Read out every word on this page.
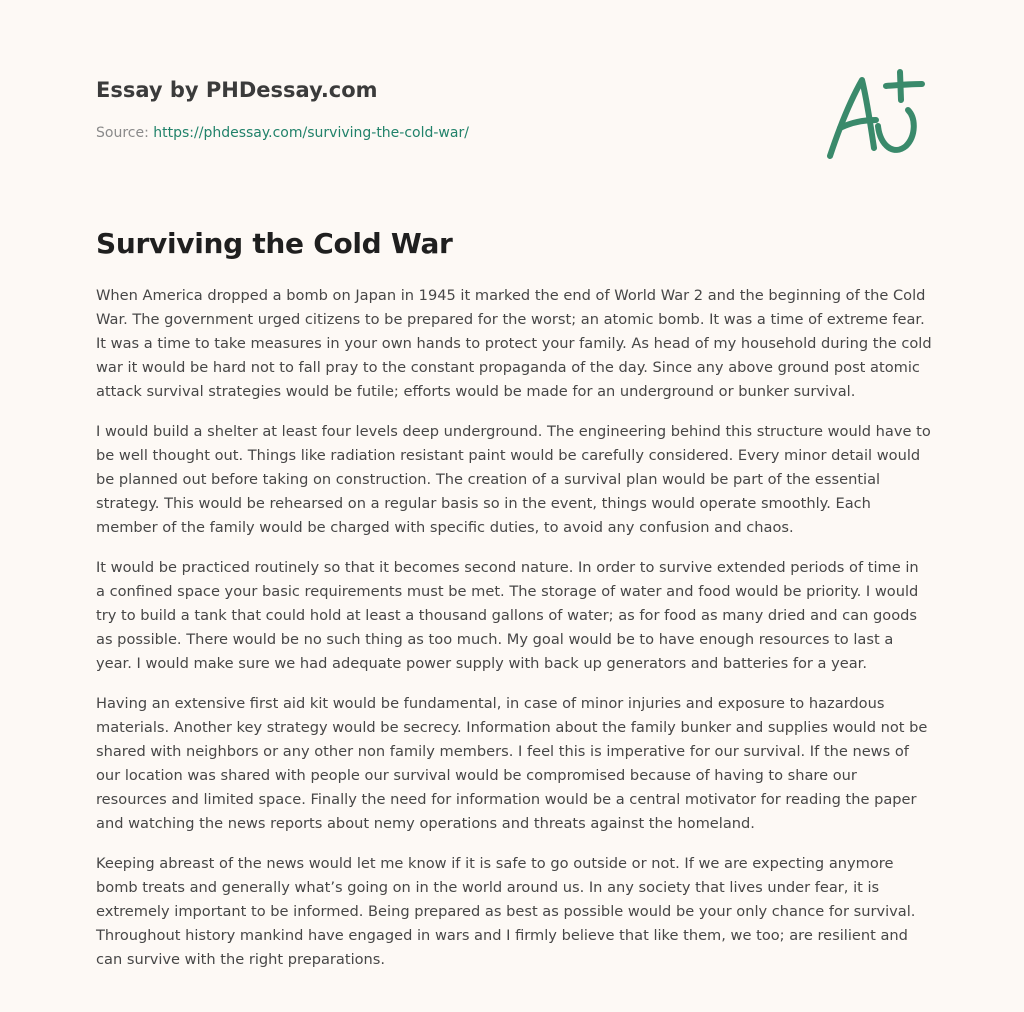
Essay by PHDessay.com
Source: https://phdessay.com/surviving-the-cold-war/
Surviving the Cold War

When America dropped a bomb on Japan in 1945 it marked the end of World War 2 and the beginning of the Cold War. The government urged citizens to be prepared for the worst; an atomic bomb. It was a time of extreme fear. It was a time to take measures in your own hands to protect your family. As head of my household during the cold war it would be hard not to fall pray to the constant propaganda of the day. Since any above ground post atomic attack survival strategies would be futile; efforts would be made for an underground or bunker survival.

I would build a shelter at least four levels deep underground. The engineering behind this structure would have to be well thought out. Things like radiation resistant paint would be carefully considered. Every minor detail would be planned out before taking on construction. The creation of a survival plan would be part of the essential strategy. This would be rehearsed on a regular basis so in the event, things would operate smoothly. Each member of the family would be charged with specific duties, to avoid any confusion and chaos.

It would be practiced routinely so that it becomes second nature. In order to survive extended periods of time in a confined space your basic requirements must be met. The storage of water and food would be priority. I would try to build a tank that could hold at least a thousand gallons of water; as for food as many dried and can goods as possible. There would be no such thing as too much. My goal would be to have enough resources to last a year. I would make sure we had adequate power supply with back up generators and batteries for a year.

Having an extensive first aid kit would be fundamental, in case of minor injuries and exposure to hazardous materials. Another key strategy would be secrecy. Information about the family bunker and supplies would not be shared with neighbors or any other non family members. I feel this is imperative for our survival. If the news of our location was shared with people our survival would be compromised because of having to share our resources and limited space. Finally the need for information would be a central motivator for reading the paper and watching the news reports about nemy operations and threats against the homeland.

Keeping abreast of the news would let me know if it is safe to go outside or not. If we are expecting anymore bomb treats and generally what’s going on in the world around us. In any society that lives under fear, it is extremely important to be informed. Being prepared as best as possible would be your only chance for survival. Throughout history mankind have engaged in wars and I firmly believe that like them, we too; are resilient and can survive with the right preparations.
